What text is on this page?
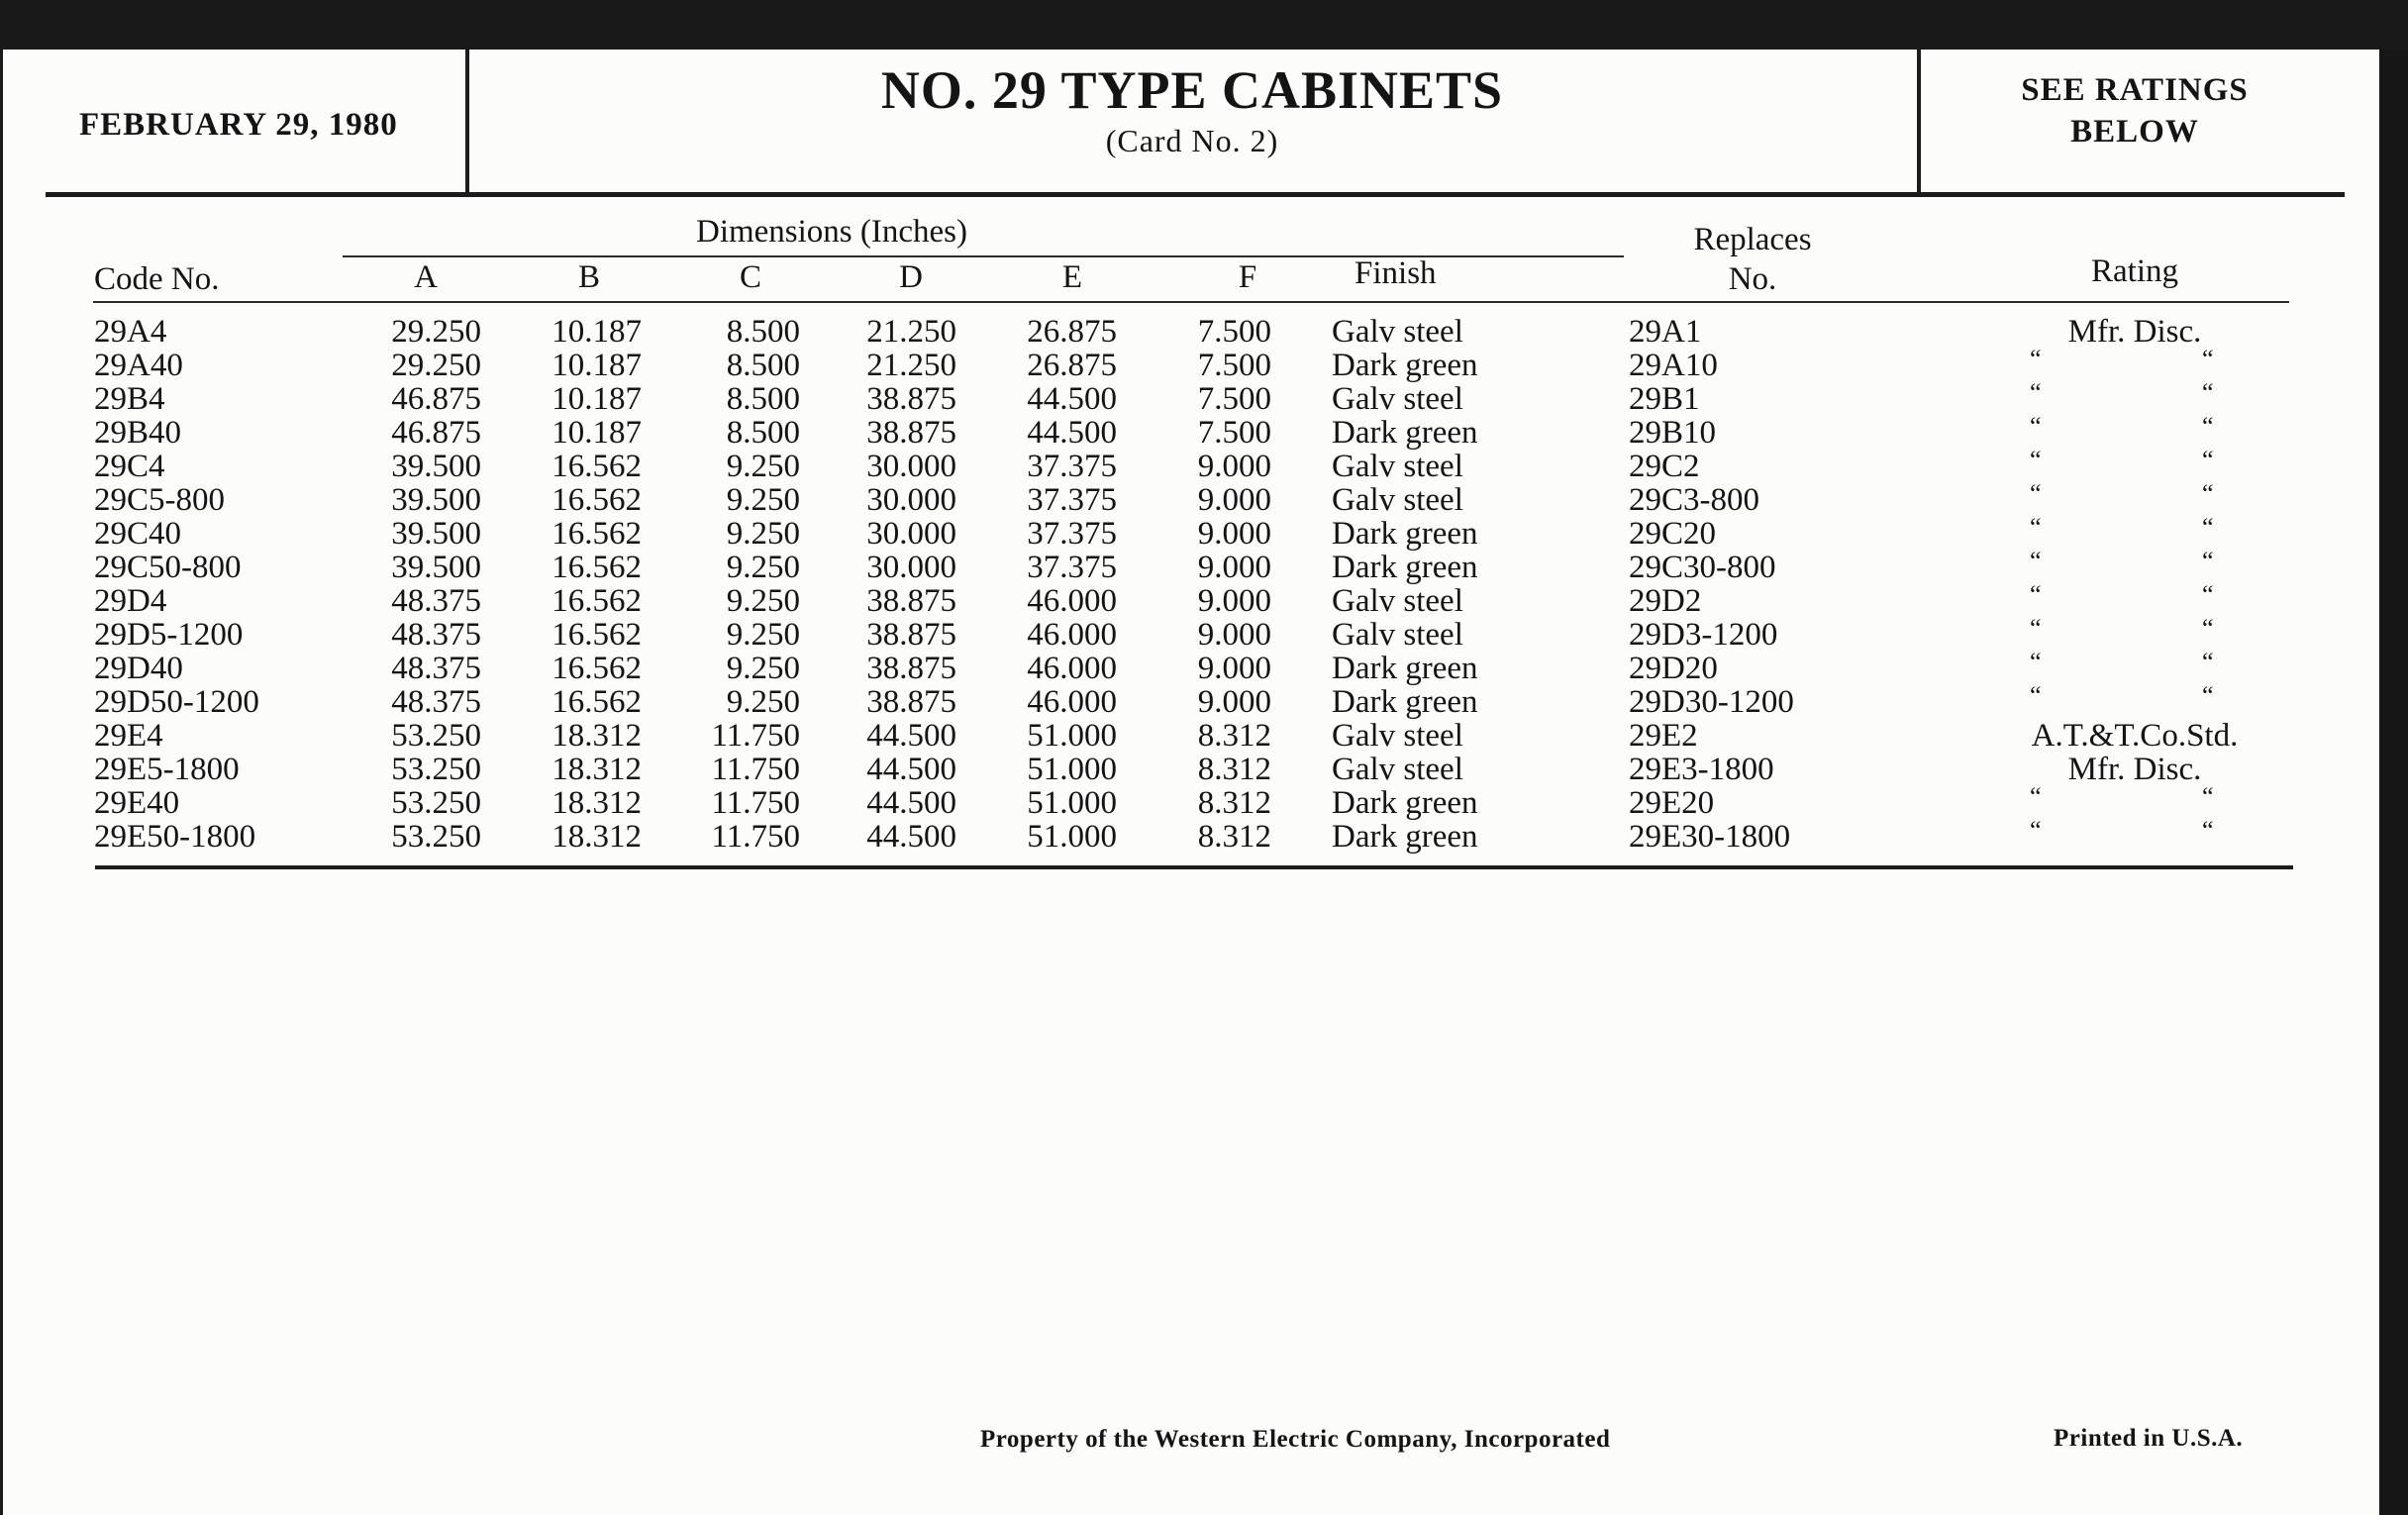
FEBRUARY 29, 1980
NO. 29 TYPE CABINETS
(Card No. 2)
SEE RATINGS
BELOW
Dimensions (Inches)
Code No.	A	B	C	D	E	F	Finish
Replaces
No.	Rating
29A4	29.250	10.187	8.500	21.250	26.875	7.500 Galv steel	29A1	Mfr. Disc.
29A40	29.250	10.187	8.500	21.250	26.875	7.500 Dark green	29A10	“	“
29B4	46.875	10.187	8.500	38.875	44.500	7.500 Galv steel	29B1	“	“
29B40	46.875	10.187	8.500	38.875	44.500	7.500 Dark green	29B10	“	“
29C4	39.500	16.562	9.250	30.000	37.375	9.000 Galv steel	29C2	“	“
29C5-800	39.500	16.562	9.250	30.000	37.375	9.000 Galv steel	29C3-800	“	“
29C40	39.500	16.562	9.250	30.000	37.375	9.000 Dark green	29C20	“	“
29C50-800	39.500	16.562	9.250	30.000	37.375	9.000 Dark green	29C30-800	“	“
29D4	48.375	16.562	9.250	38.875	46.000	9.000 Galv steel	29D2	“	“
29D5-1200	48.375	16.562	9.250	38.875	46.000	9.000 Galv steel	29D3-1200	“	“
29D40	48.375	16.562	9.250	38.875	46.000	9.000 Dark green	29D20	“	“
29D50-1200	48.375	16.562	9.250	38.875	46.000	9.000 Dark green	29D30-1200	“	“
29E4	53.250	18.312	11.750	44.500	51.000	8.312 Galv steel	29E2	A.T.&T.Co.Std.
29E5-1800	53.250	18.312	11.750	44.500	51.000	8.312 Galv steel	29E3-1800	Mfr. Disc.
29E40	53.250	18.312	11.750	44.500	51.000	8.312 Dark green	29E20	“	“
29E50-1800	53.250	18.312	11.750	44.500	51.000	8.312 Dark green	29E30-1800	“	“
Property of the Western Electric Company, Incorporated	Printed in U.S.A.
